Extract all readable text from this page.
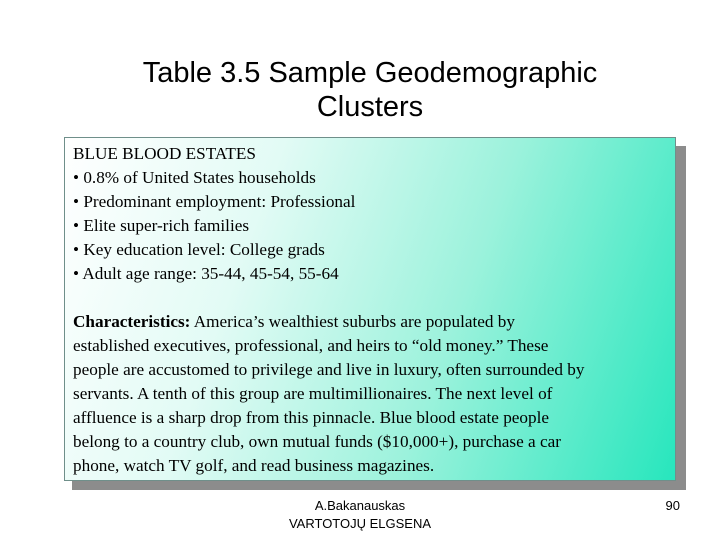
Table 3.5 Sample Geodemographic
Clusters
BLUE BLOOD ESTATES
• 0.8% of United States households
• Predominant employment: Professional
• Elite super-rich families
• Key education level: College grads
• Adult age range: 35-44, 45-54, 55-64
Characteristics: America’s wealthiest suburbs are populated by
established executives, professional, and heirs to “old money.” These
people are accustomed to privilege and live in luxury, often surrounded by
servants. A tenth of this group are multimillionaires. The next level of
affluence is a sharp drop from this pinnacle. Blue blood estate people
belong to a country club, own mutual funds ($10,000+), purchase a car
phone, watch TV golf, and read business magazines.
A.Bakanauskas
VARTOTOJŲ ELGSENA
90
